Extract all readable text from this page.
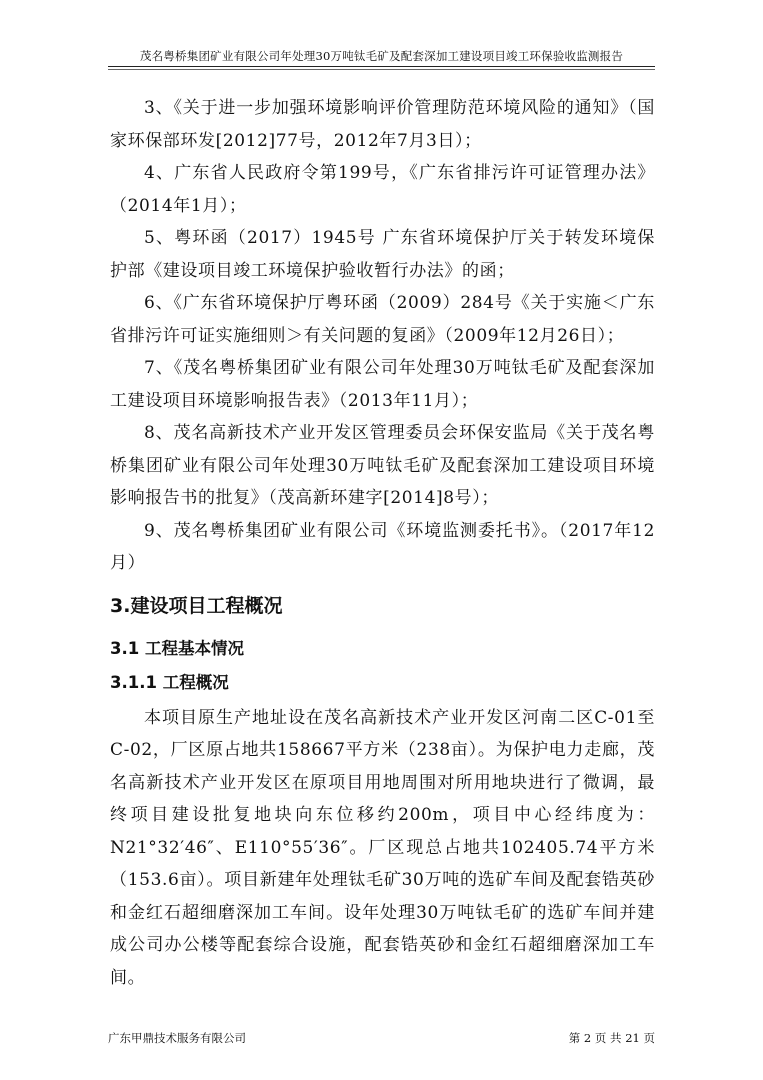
茂名粤桥集团矿业有限公司年处理30万吨钛毛矿及配套深加工建设项目竣工环保验收监测报告

3、《关于进一步加强环境影响评价管理防范环境风险的通知》（国家环保部环发[2012]77号，2012年7月3日）；

4、广东省人民政府令第199号，《广东省排污许可证管理办法》（2014年1月）；

5、粤环函（2017）1945号 广东省环境保护厅关于转发环境保护部《建设项目竣工环境保护验收暂行办法》的函；

6、《广东省环境保护厅粤环函（2009）284号《关于实施＜广东省排污许可证实施细则＞有关问题的复函》（2009年12月26日）；

7、《茂名粤桥集团矿业有限公司年处理30万吨钛毛矿及配套深加工建设项目环境影响报告表》（2013年11月）；

8、茂名高新技术产业开发区管理委员会环保安监局《关于茂名粤桥集团矿业有限公司年处理30万吨钛毛矿及配套深加工建设项目环境影响报告书的批复》（茂高新环建字[2014]8号）；

9、茂名粤桥集团矿业有限公司《环境监测委托书》。（2017年12月）

3.建设项目工程概况
3.1 工程基本情况
3.1.1 工程概况

本项目原生产地址设在茂名高新技术产业开发区河南二区C-01至C-02，厂区原占地共158667平方米（238亩）。为保护电力走廊，茂名高新技术产业开发区在原项目用地周围对所用地块进行了微调，最终项目建设批复地块向东位移约200m，项目中心经纬度为：N21°32′46″、E110°55′36″。厂区现总占地共102405.74平方米（153.6亩）。项目新建年处理钛毛矿30万吨的选矿车间及配套锆英砂和金红石超细磨深加工车间。设年处理30万吨钛毛矿的选矿车间并建成公司办公楼等配套综合设施，配套锆英砂和金红石超细磨深加工车间。

广东甲鼎技术服务有限公司	第 2 页 共 21 页
